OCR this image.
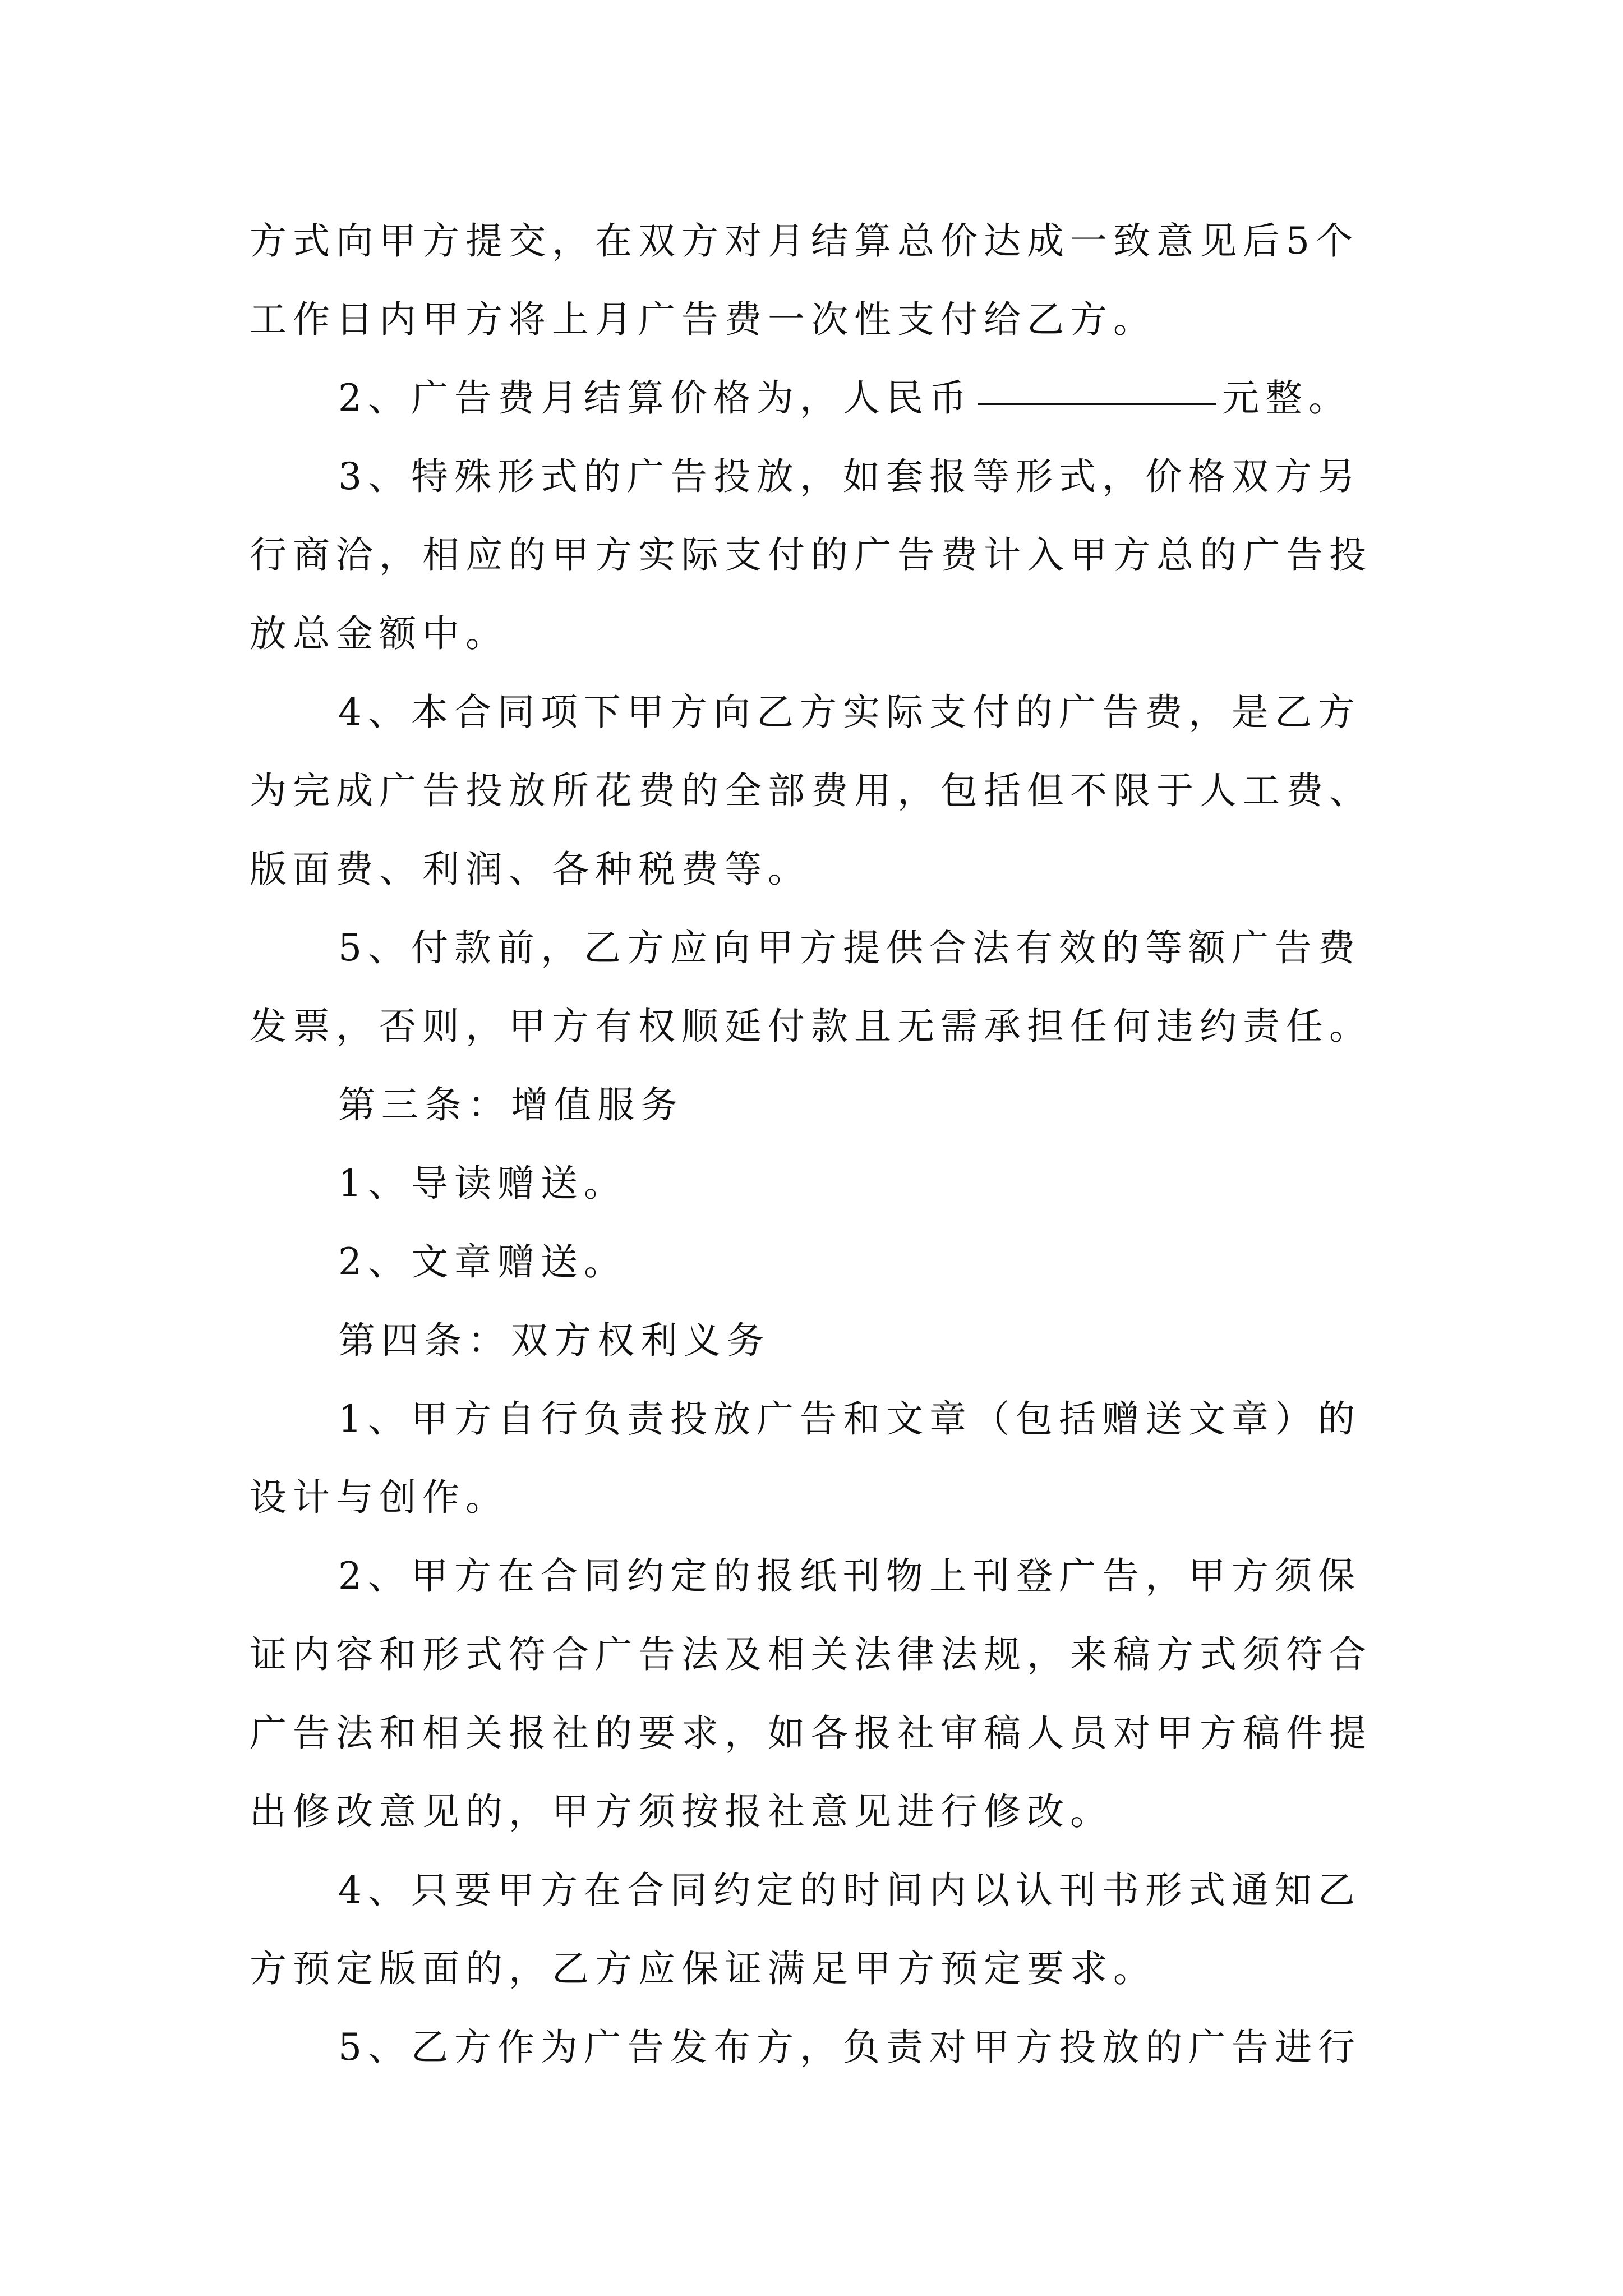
方式向甲方提交，在双方对月结算总价达成一致意见后5个
工作日内甲方将上月广告费一次性支付给乙方。
2、广告费月结算价格为，人民币	元整。
3、特殊形式的广告投放，如套报等形式，价格双方另
行商洽，相应的甲方实际支付的广告费计入甲方总的广告投
放总金额中。
4、本合同项下甲方向乙方实际支付的广告费，是乙方
为完成广告投放所花费的全部费用，包括但不限于人工费、
版面费、利润、各种税费等。
5、付款前，乙方应向甲方提供合法有效的等额广告费
发票，否则，甲方有权顺延付款且无需承担任何违约责任。
第三条：增值服务
1、导读赠送。
2、文章赠送。
第四条：双方权利义务
1、甲方自行负责投放广告和文章（包括赠送文章）的
设计与创作。
2、甲方在合同约定的报纸刊物上刊登广告，甲方须保
证内容和形式符合广告法及相关法律法规，来稿方式须符合
广告法和相关报社的要求，如各报社审稿人员对甲方稿件提
出修改意见的，甲方须按报社意见进行修改。
4、只要甲方在合同约定的时间内以认刊书形式通知乙
方预定版面的，乙方应保证满足甲方预定要求。
5、乙方作为广告发布方，负责对甲方投放的广告进行
